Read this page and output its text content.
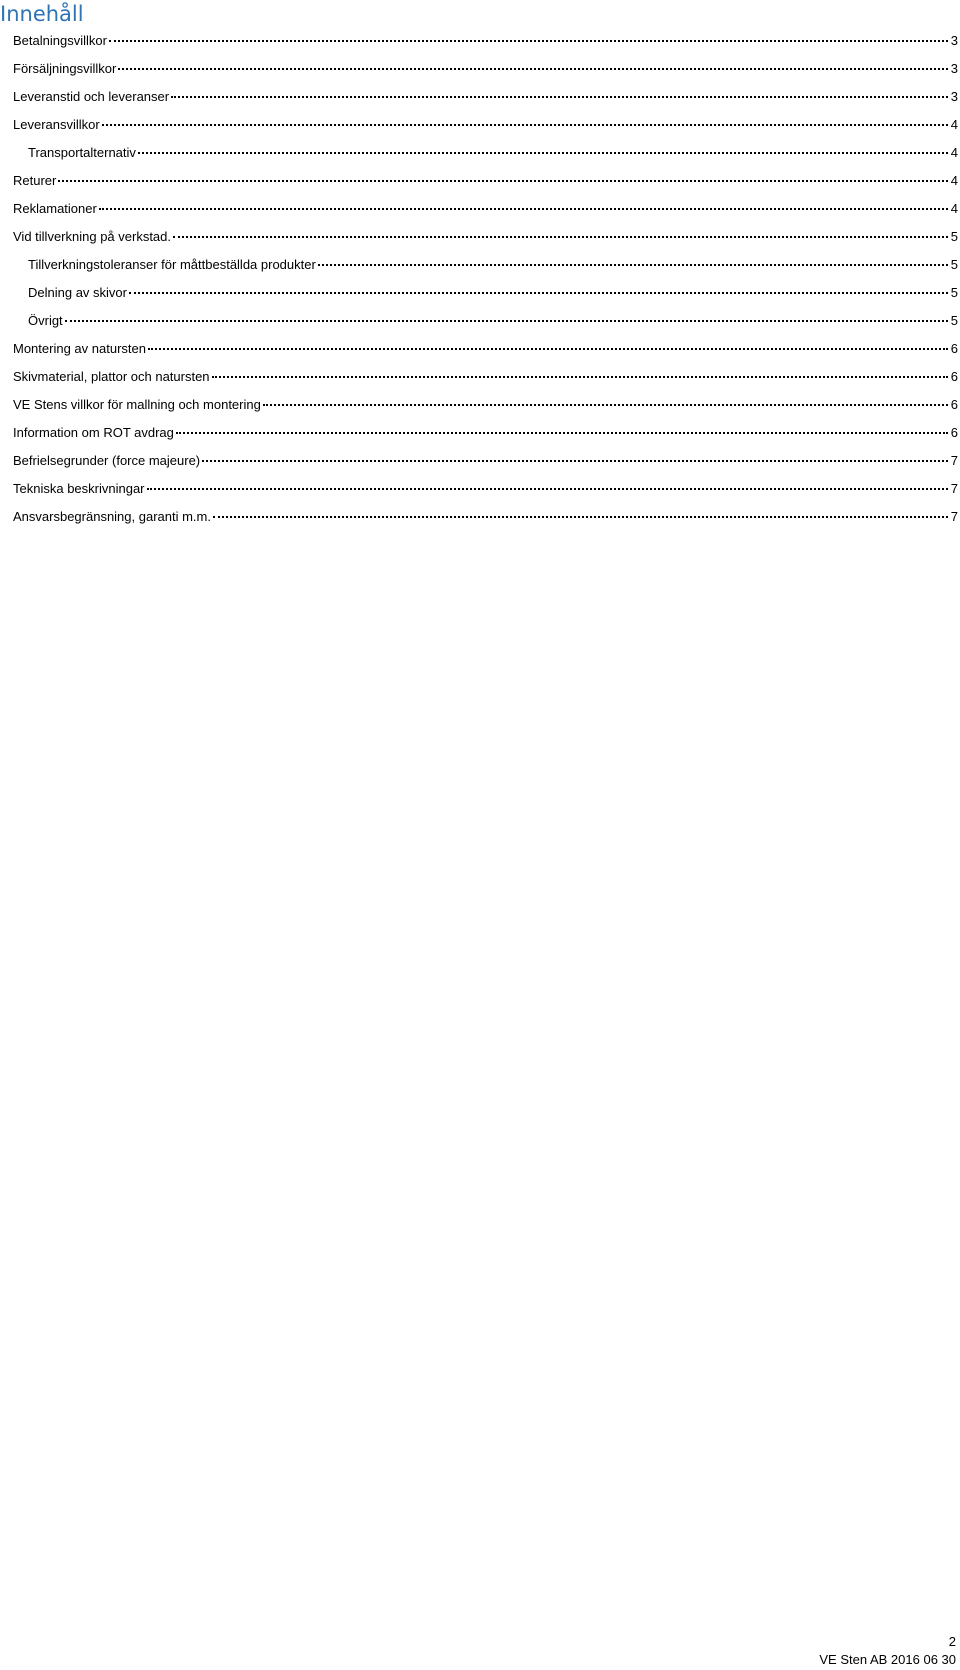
Innehåll
Betalningsvillkor	3
Försäljningsvillkor	3
Leveranstid och leveranser	3
Leveransvillkor	4
Transportalternativ	4
Returer	4
Reklamationer	4
Vid tillverkning på verkstad.	5
Tillverkningstoleranser för måttbeställda produkter	5
Delning av skivor	5
Övrigt	5
Montering av natursten	6
Skivmaterial, plattor och natursten	6
VE Stens villkor för mallning och montering	6
Information om ROT avdrag	6
Befrielsegrunder (force majeure)	7
Tekniska beskrivningar	7
Ansvarsbegränsning, garanti m.m.	7
2
VE Sten AB 2016 06 30
